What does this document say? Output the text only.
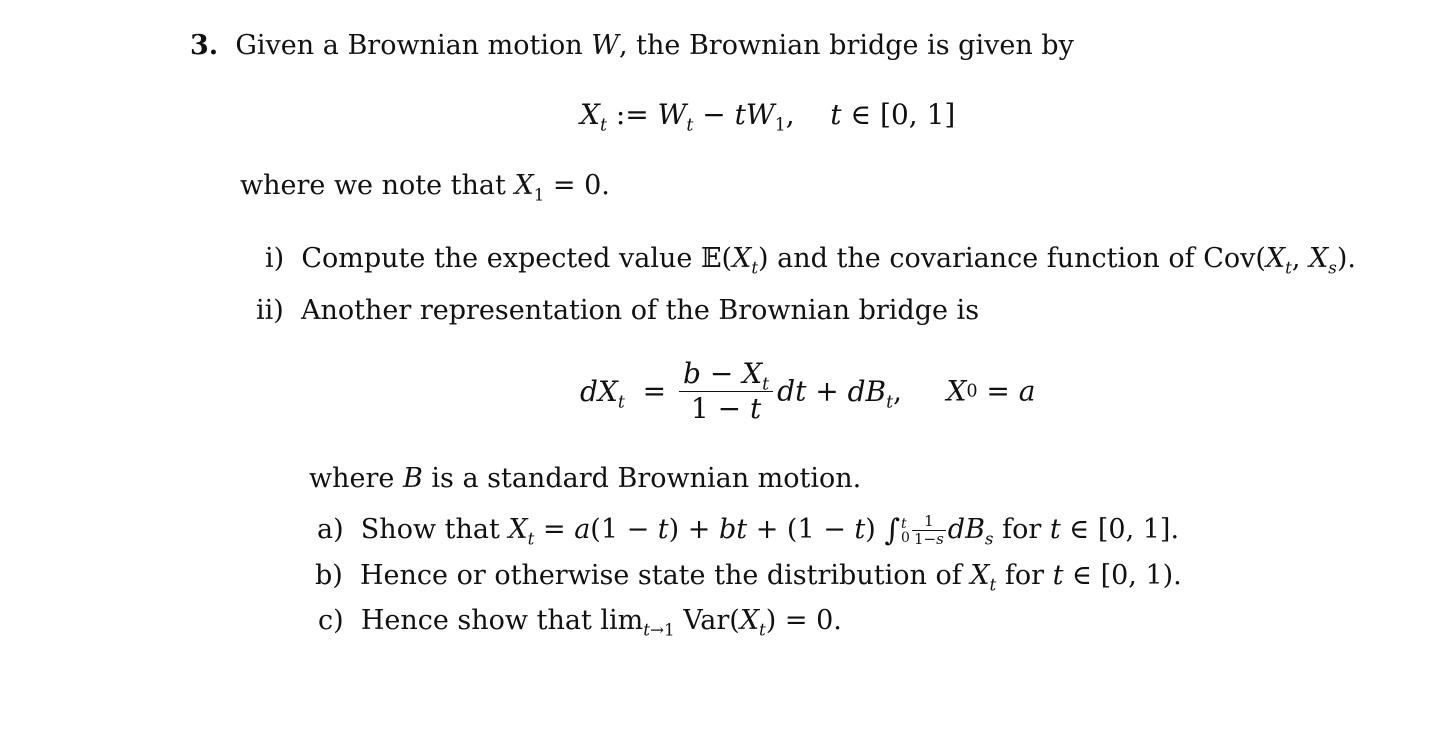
3.  Given a Brownian motion W, the Brownian bridge is given by
$X_t$ := $W_t - tW_1$,    t ∈ [0, 1]
where we note that $X_1 = 0$.
i)  Compute the expected value $𝔼(X_t)$ and the covariance function of $Cov(X_t$, $X_s$).
ii)  Another representation of the Brownian bridge is
$dX_t = \frac{b - X_t}{1 - t}$ dt + $dB_t$,     X0 = a
where B is a standard Brownian motion.
a)  Show that $X_t = a(1 - t)$ + bt + (1 − t) ∫ t
$0 \frac{1}{1-s} dB_s$ for t ∈ [0, 1].
b)  Hence or otherwise state the distribution of $X_t$ for t ∈ [0, 1).
c)  Hence show that $\lim_{t\to 1} Var(X_t) = 0$.
